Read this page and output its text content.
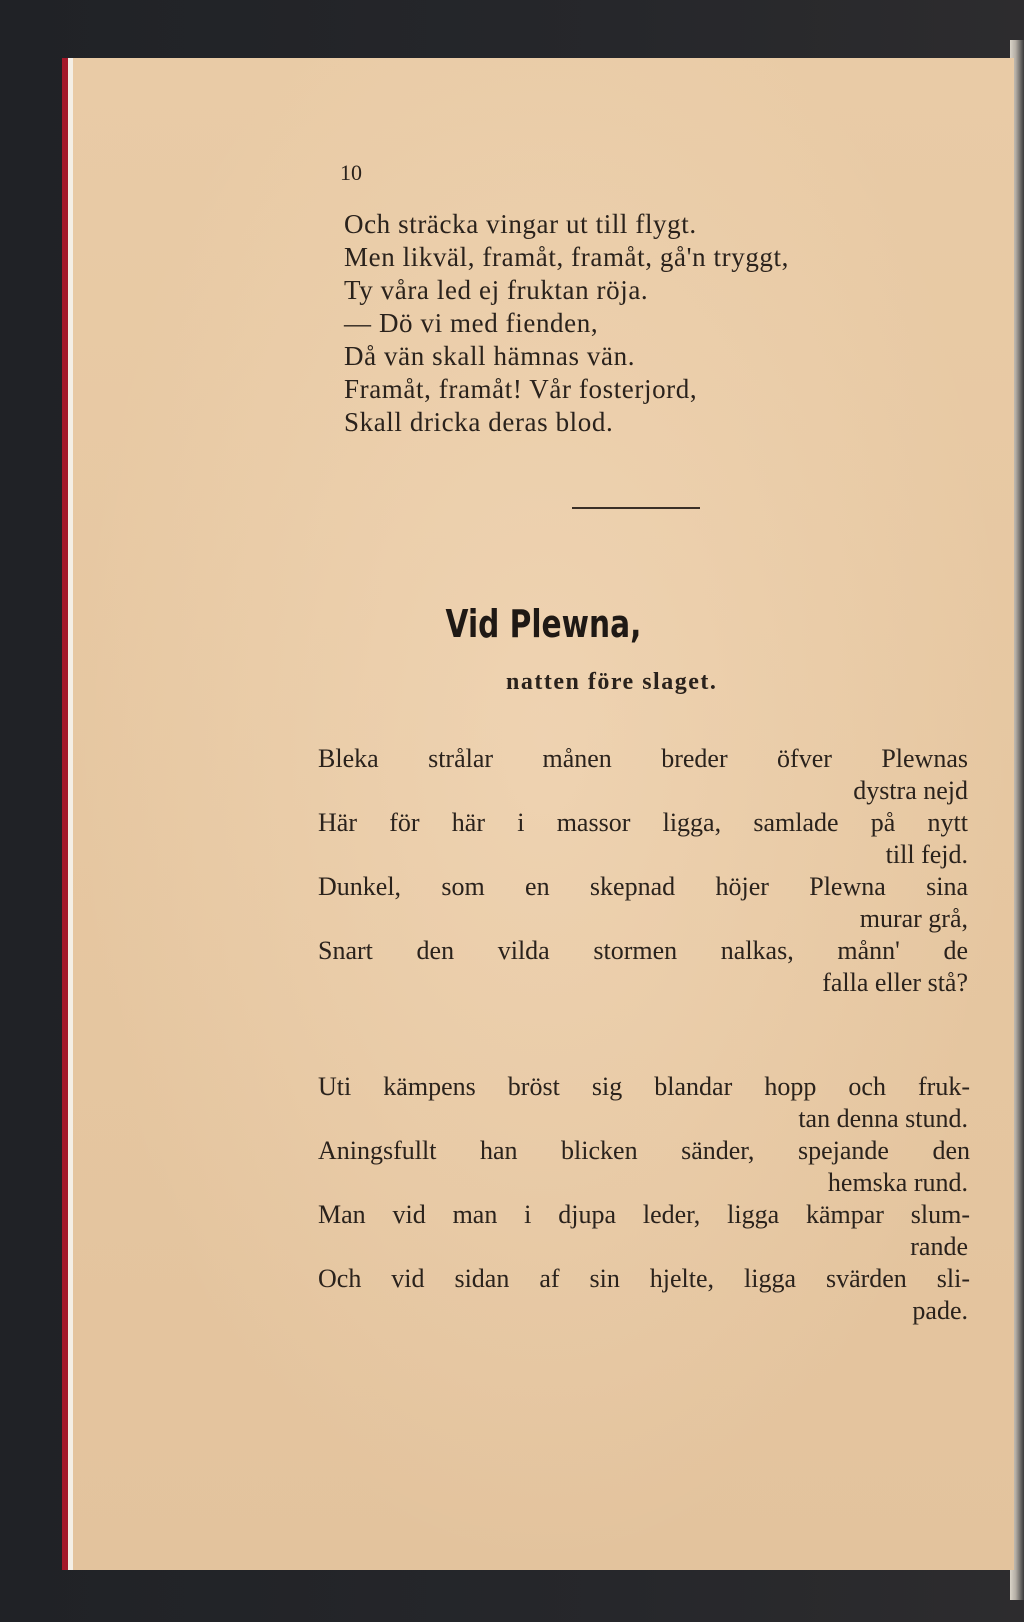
10
Och sträcka vingar ut till flygt.
Men likväl, framåt, framåt, gå'n tryggt,
Ty våra led ej fruktan röja.
— Dö vi med fienden,
Då vän skall hämnas vän.
Framåt, framåt! Vår fosterjord,
Skall dricka deras blod.
Vid Plewna,
natten före slaget.
Bleka strålar månen breder öfver Plewnas
dystra nejd
Här för här i massor ligga, samlade på nytt
till fejd.
Dunkel, som en skepnad höjer Plewna sina
murar grå,
Snart den vilda stormen nalkas, månn' de
falla eller stå?
Uti kämpens bröst sig blandar hopp och fruk-
tan denna stund.
Aningsfullt han blicken sänder, spejande den
hemska rund.
Man vid man i djupa leder, ligga kämpar slum-
rande
Och vid sidan af sin hjelte, ligga svärden sli-
pade.
